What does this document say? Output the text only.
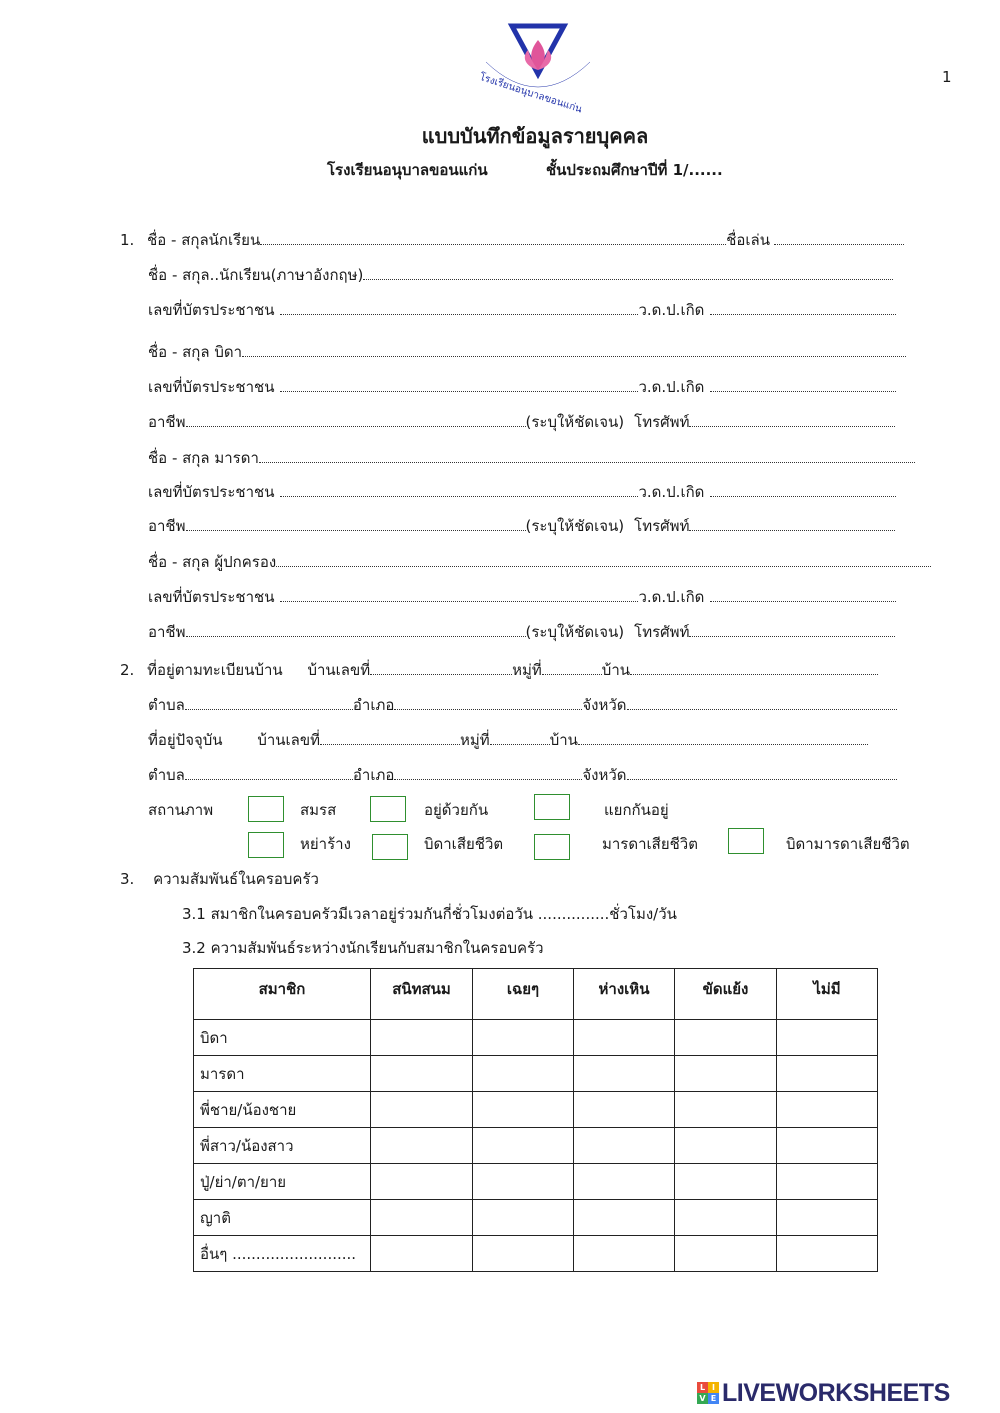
1
โรงเรียนอนุบาลขอนแก่น
แบบบันทึกข้อมูลรายบุคคล
โรงเรียนอนุบาลขอนแก่น	ชั้นประถมศึกษาปีที่ 1/......
1. ชื่อ - สกุลนักเรียน	ชื่อเล่น
ชื่อ - สกุล..นักเรียน(ภาษาอังกฤษ)
เลขที่บัตรประชาชน	ว.ด.ป.เกิด
ชื่อ - สกุล บิดา
เลขที่บัตรประชาชน	ว.ด.ป.เกิด
อาชีพ	(ระบุให้ชัดเจน) โทรศัพท์
ชื่อ - สกุล มารดา
เลขที่บัตรประชาชน	ว.ด.ป.เกิด
อาชีพ	(ระบุให้ชัดเจน) โทรศัพท์
ชื่อ - สกุล ผู้ปกครอง
เลขที่บัตรประชาชน	ว.ด.ป.เกิด
อาชีพ	(ระบุให้ชัดเจน) โทรศัพท์
2. ที่อยู่ตามทะเบียนบ้าน บ้านเลขที่	หมู่ที่	บ้าน
ตำบล	อำเภอ	จังหวัด
ที่อยู่ปัจจุบัน บ้านเลขที่	หมู่ที่	บ้าน
ตำบล	อำเภอ	จังหวัด
สถานภาพ	สมรส	อยู่ด้วยกัน	แยกกันอยู่
หย่าร้าง	บิดาเสียชีวิต	มารดาเสียชีวิต	บิดามารดาเสียชีวิต
3. ความสัมพันธ์ในครอบครัว
3.1 สมาชิกในครอบครัวมีเวลาอยู่ร่วมกันกี่ชั่วโมงต่อวัน ...............ชั่วโมง/วัน
3.2 ความสัมพันธ์ระหว่างนักเรียนกับสมาชิกในครอบครัว
สมาชิก	สนิทสนม	เฉยๆ	ห่างเหิน	ขัดแย้ง	ไม่มี
บิดา					
มารดา					
พี่ชาย/น้องชาย					
พี่สาว/น้องสาว					
ปู่/ย่า/ตา/ยาย					
ญาติ					
อื่นๆ ..........................					
L I
V E LIVEWORKSHEETS
